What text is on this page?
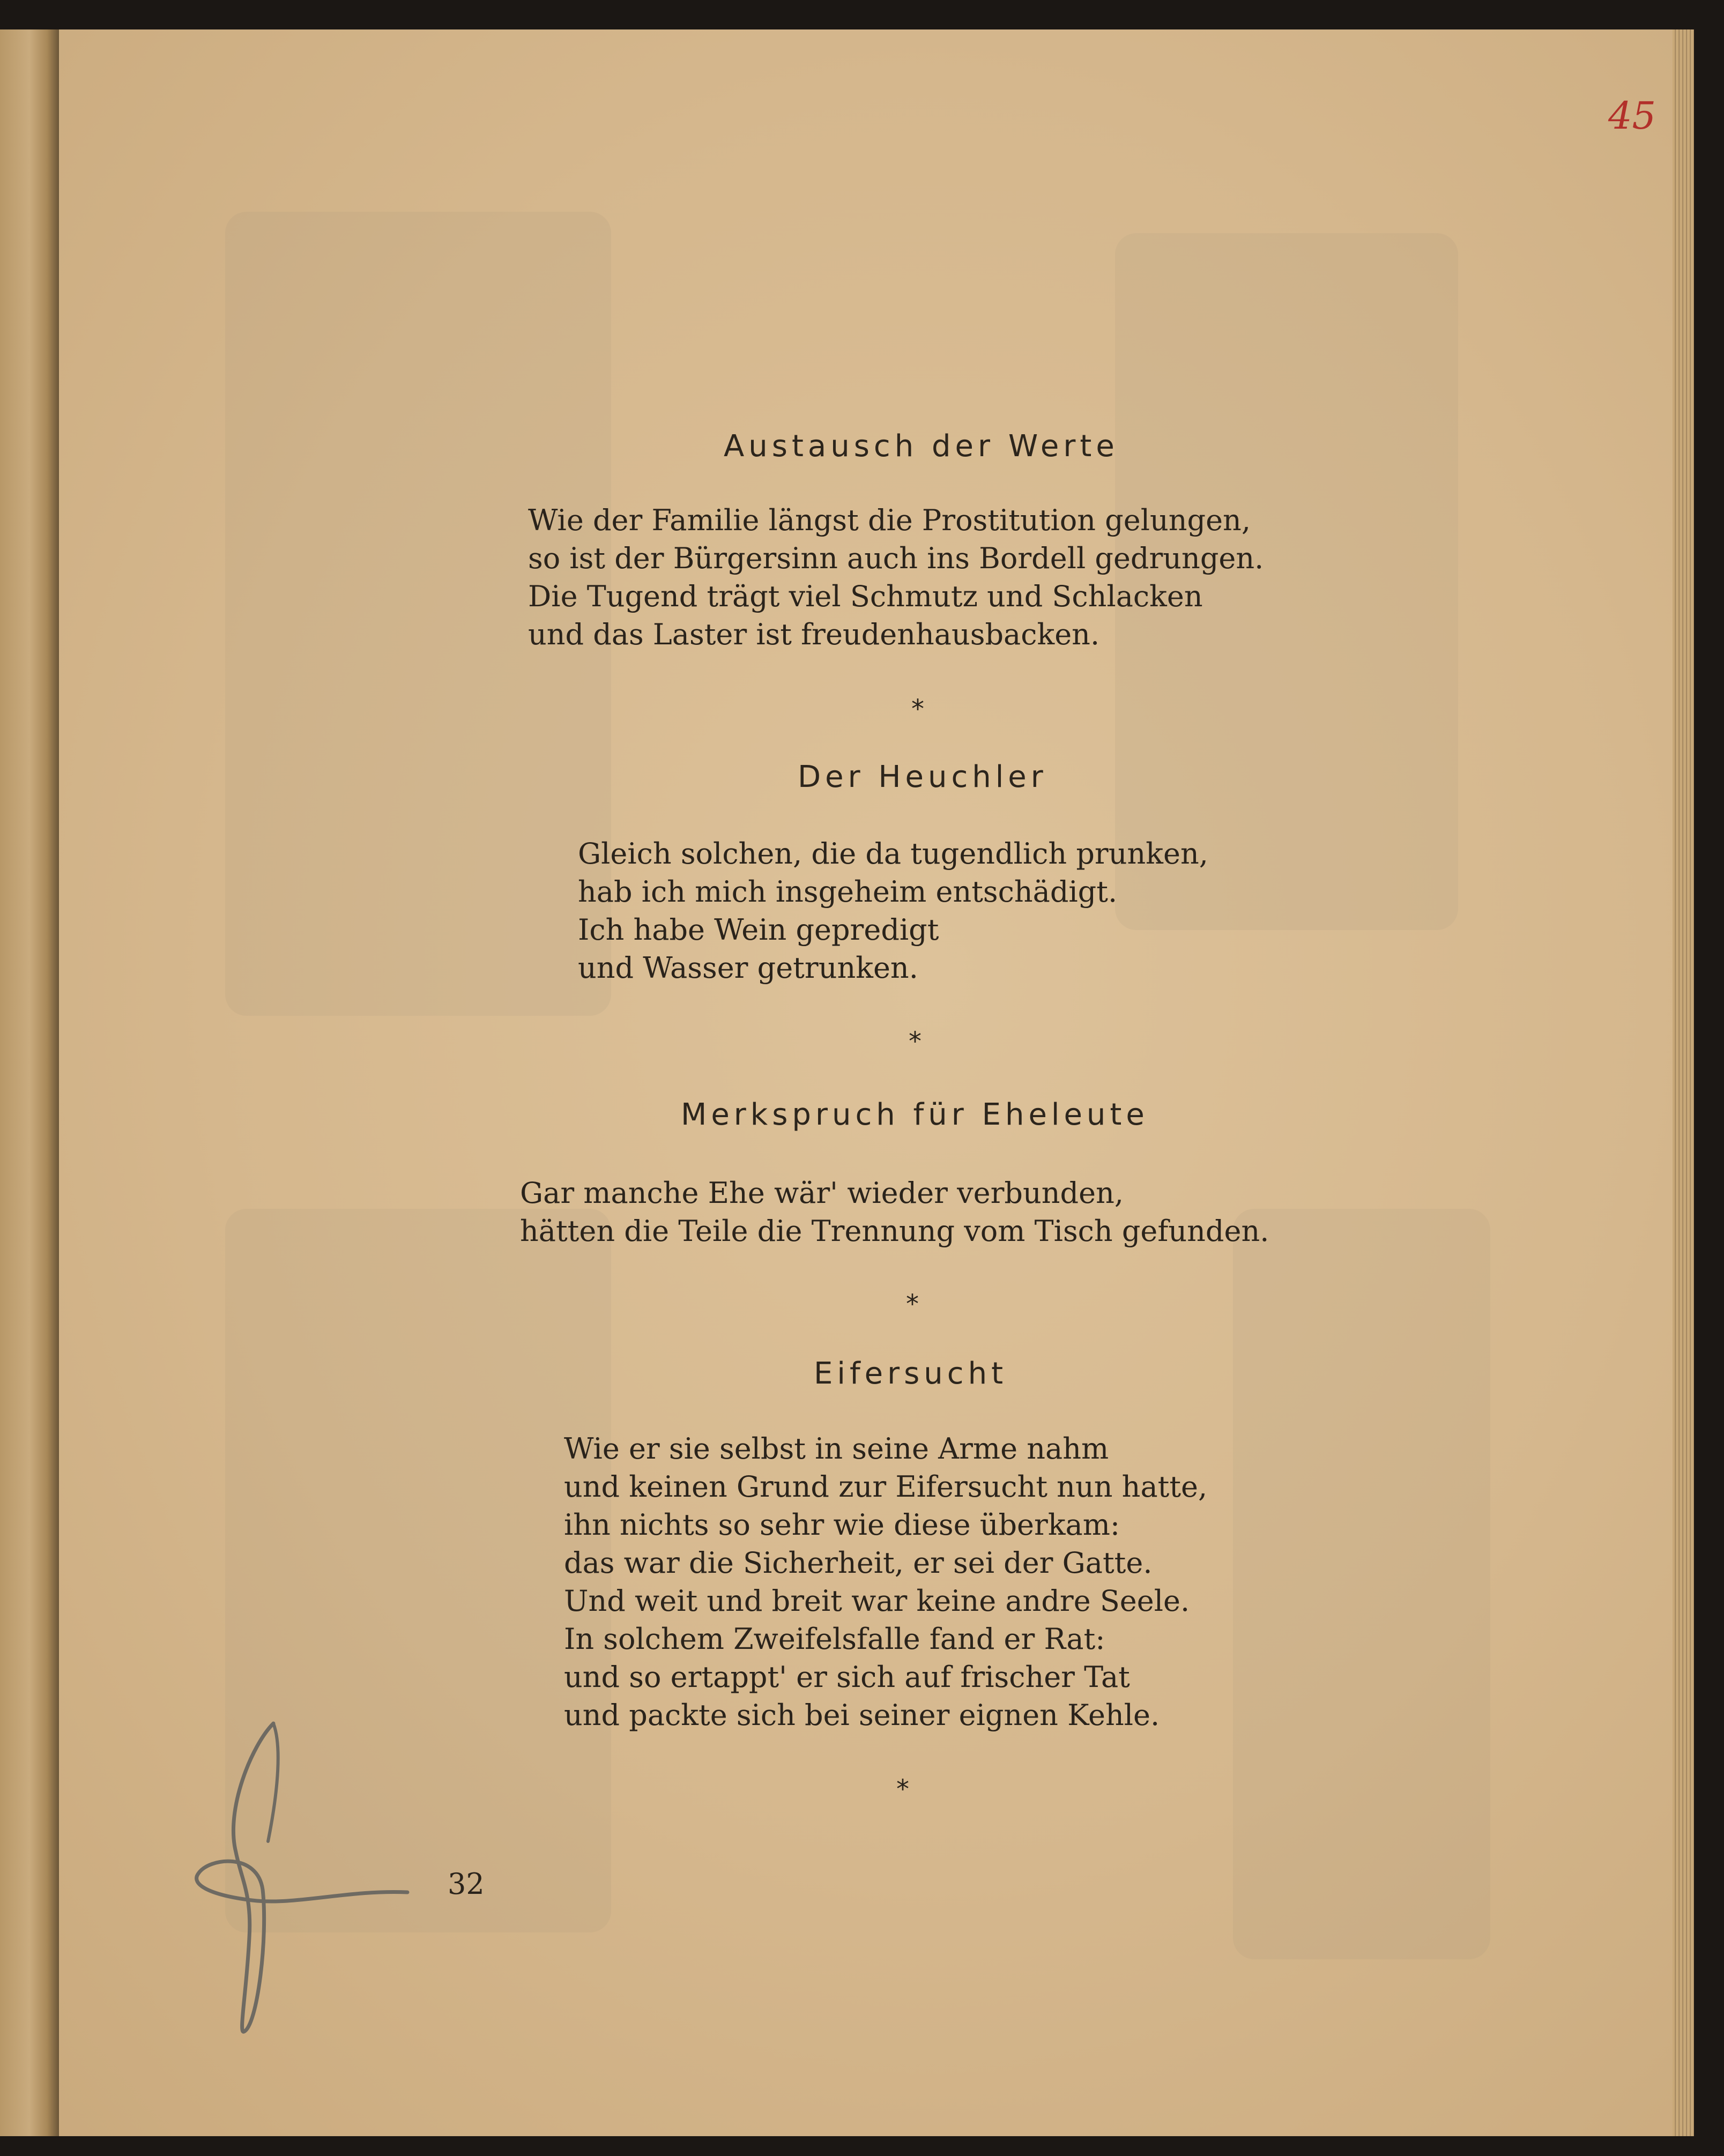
Austausch der Werte
Wie der Familie längst die Prostitution gelungen,
so ist der Bürgersinn auch ins Bordell gedrungen.
Die Tugend trägt viel Schmutz und Schlacken
und das Laster ist freudenhausbacken.
*
Der Heuchler
Gleich solchen, die da tugendlich prunken,
hab ich mich insgeheim entschädigt.
Ich habe Wein gepredigt
und Wasser getrunken.
*
Merkspruch für Eheleute
Gar manche Ehe wär' wieder verbunden,
hätten die Teile die Trennung vom Tisch gefunden.
*
Eifersucht
Wie er sie selbst in seine Arme nahm
und keinen Grund zur Eifersucht nun hatte,
ihn nichts so sehr wie diese überkam:
das war die Sicherheit, er sei der Gatte.
Und weit und breit war keine andre Seele.
In solchem Zweifelsfalle fand er Rat:
und so ertappt' er sich auf frischer Tat
und packte sich bei seiner eignen Kehle.
*
32
45
